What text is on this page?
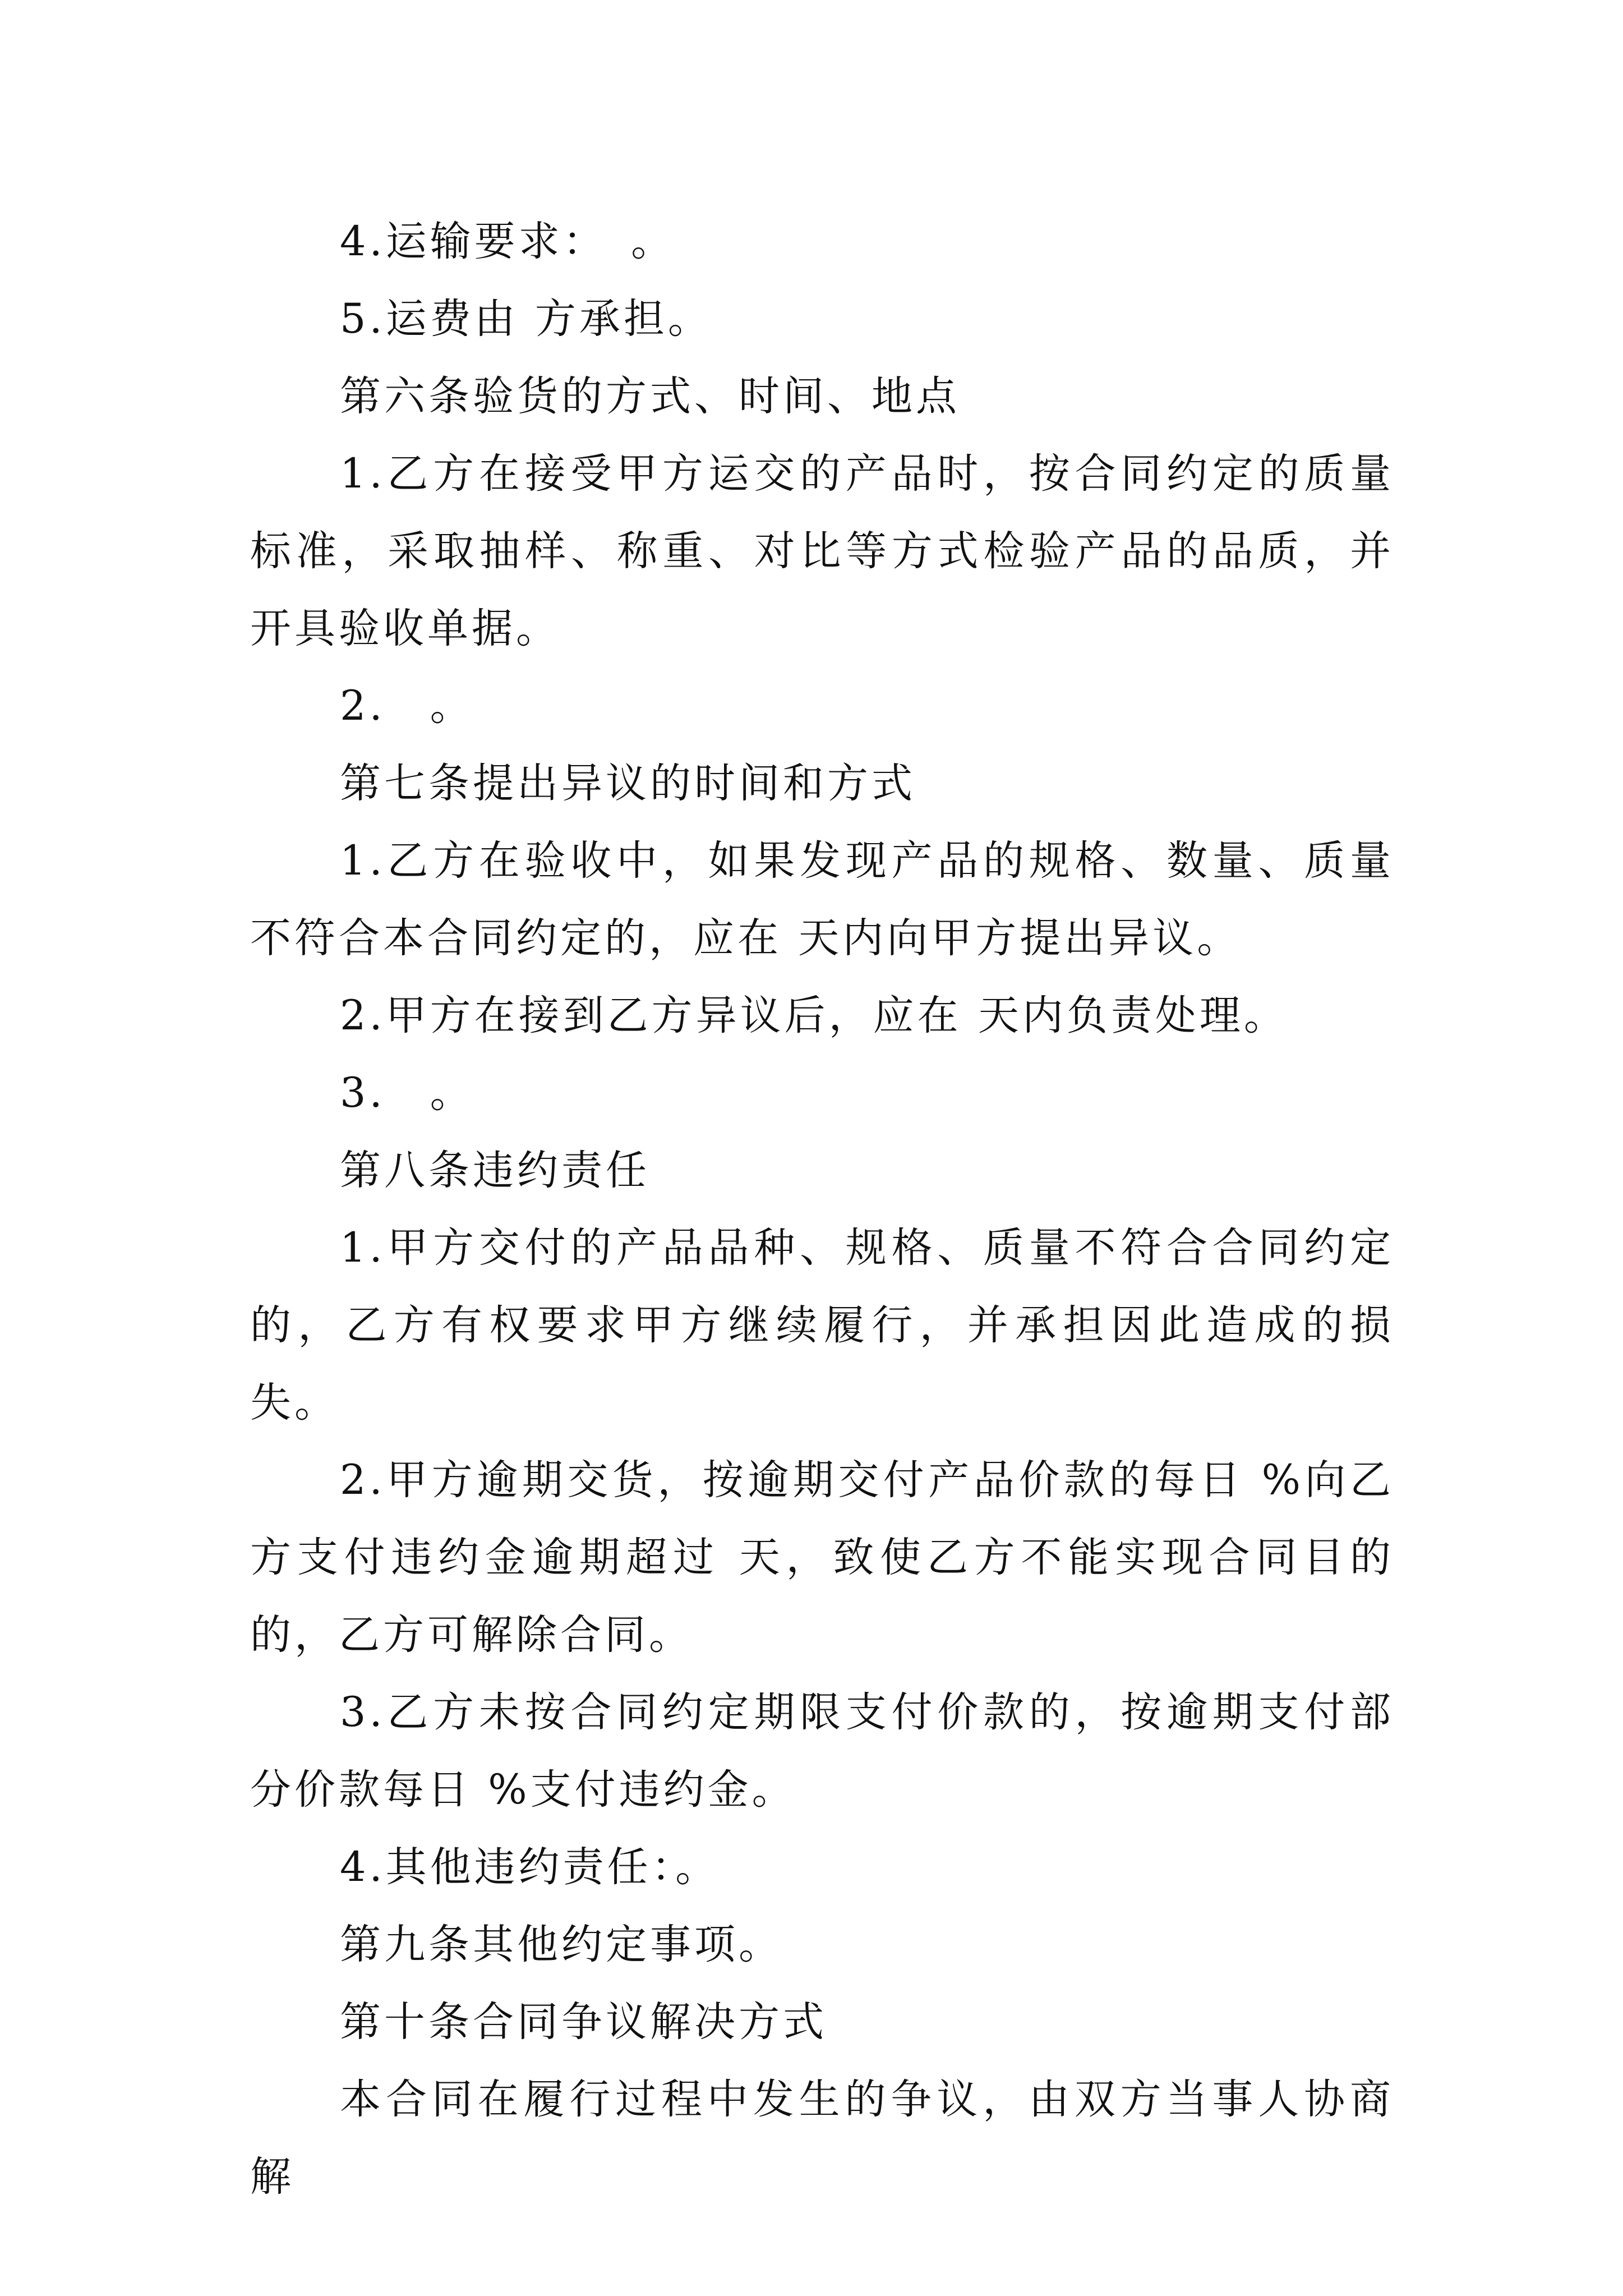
4.运输要求：　。

5.运费由 方承担。

第六条验货的方式、时间、地点

1.乙方在接受甲方运交的产品时，按合同约定的质量标准，采取抽样、称重、对比等方式检验产品的品质，并开具验收单据。

2.　。

第七条提出异议的时间和方式

1.乙方在验收中，如果发现产品的规格、数量、质量不符合本合同约定的，应在 天内向甲方提出异议。

2.甲方在接到乙方异议后，应在 天内负责处理。

3.　。

第八条违约责任

1.甲方交付的产品品种、规格、质量不符合合同约定的，乙方有权要求甲方继续履行，并承担因此造成的损失。

2.甲方逾期交货，按逾期交付产品价款的每日 %向乙方支付违约金逾期超过 天，致使乙方不能实现合同目的的，乙方可解除合同。

3.乙方未按合同约定期限支付价款的，按逾期支付部分价款每日 %支付违约金。

4.其他违约责任：。

第九条其他约定事项。

第十条合同争议解决方式

本合同在履行过程中发生的争议，由双方当事人协商解
